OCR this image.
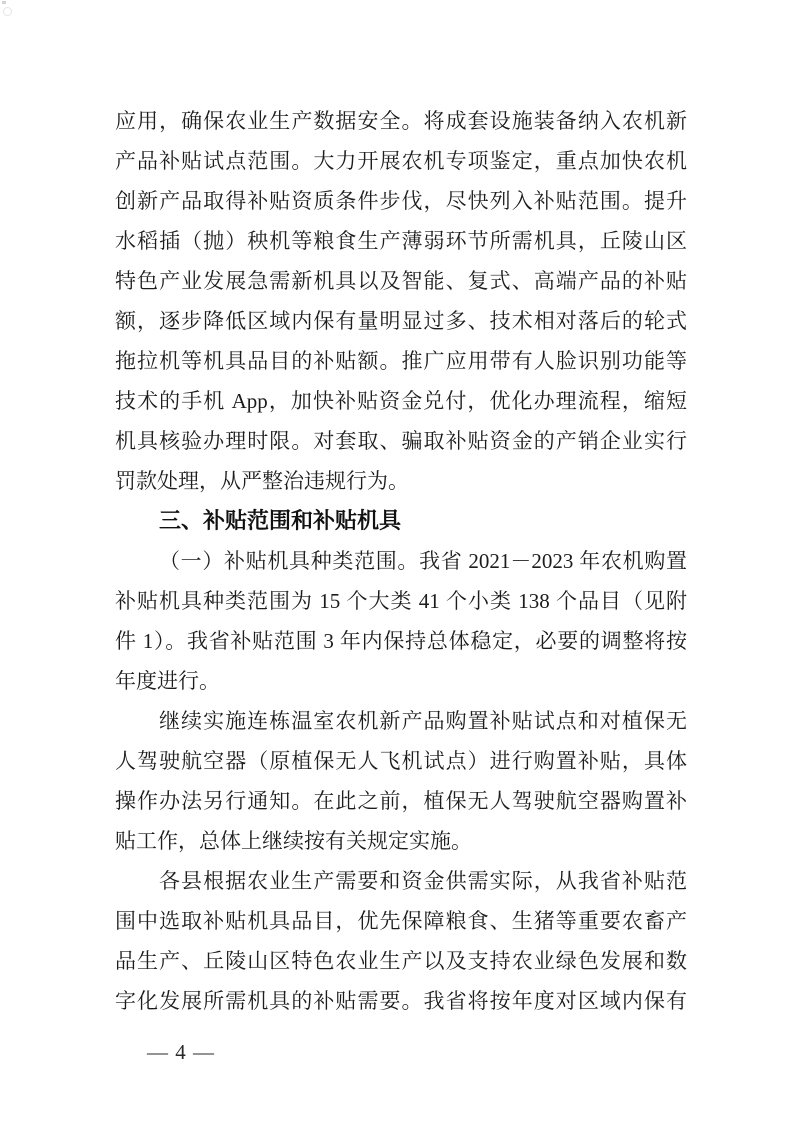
应用，确保农业生产数据安全。将成套设施装备纳入农机新
产品补贴试点范围。大力开展农机专项鉴定，重点加快农机
创新产品取得补贴资质条件步伐，尽快列入补贴范围。提升
水稻插（抛）秧机等粮食生产薄弱环节所需机具，丘陵山区
特色产业发展急需新机具以及智能、复式、高端产品的补贴
额，逐步降低区域内保有量明显过多、技术相对落后的轮式
拖拉机等机具品目的补贴额。推广应用带有人脸识别功能等
技术的手机 App，加快补贴资金兑付，优化办理流程，缩短
机具核验办理时限。对套取、骗取补贴资金的产销企业实行
罚款处理，从严整治违规行为。
三、补贴范围和补贴机具
（一）补贴机具种类范围。我省 2021－2023 年农机购置
补贴机具种类范围为 15 个大类 41 个小类 138 个品目（见附
件 1）。我省补贴范围 3 年内保持总体稳定，必要的调整将按
年度进行。
继续实施连栋温室农机新产品购置补贴试点和对植保无
人驾驶航空器（原植保无人飞机试点）进行购置补贴，具体
操作办法另行通知。在此之前，植保无人驾驶航空器购置补
贴工作，总体上继续按有关规定实施。
各县根据农业生产需要和资金供需实际，从我省补贴范
围中选取补贴机具品目，优先保障粮食、生猪等重要农畜产
品生产、丘陵山区特色农业生产以及支持农业绿色发展和数
字化发展所需机具的补贴需要。我省将按年度对区域内保有
— 4 —
